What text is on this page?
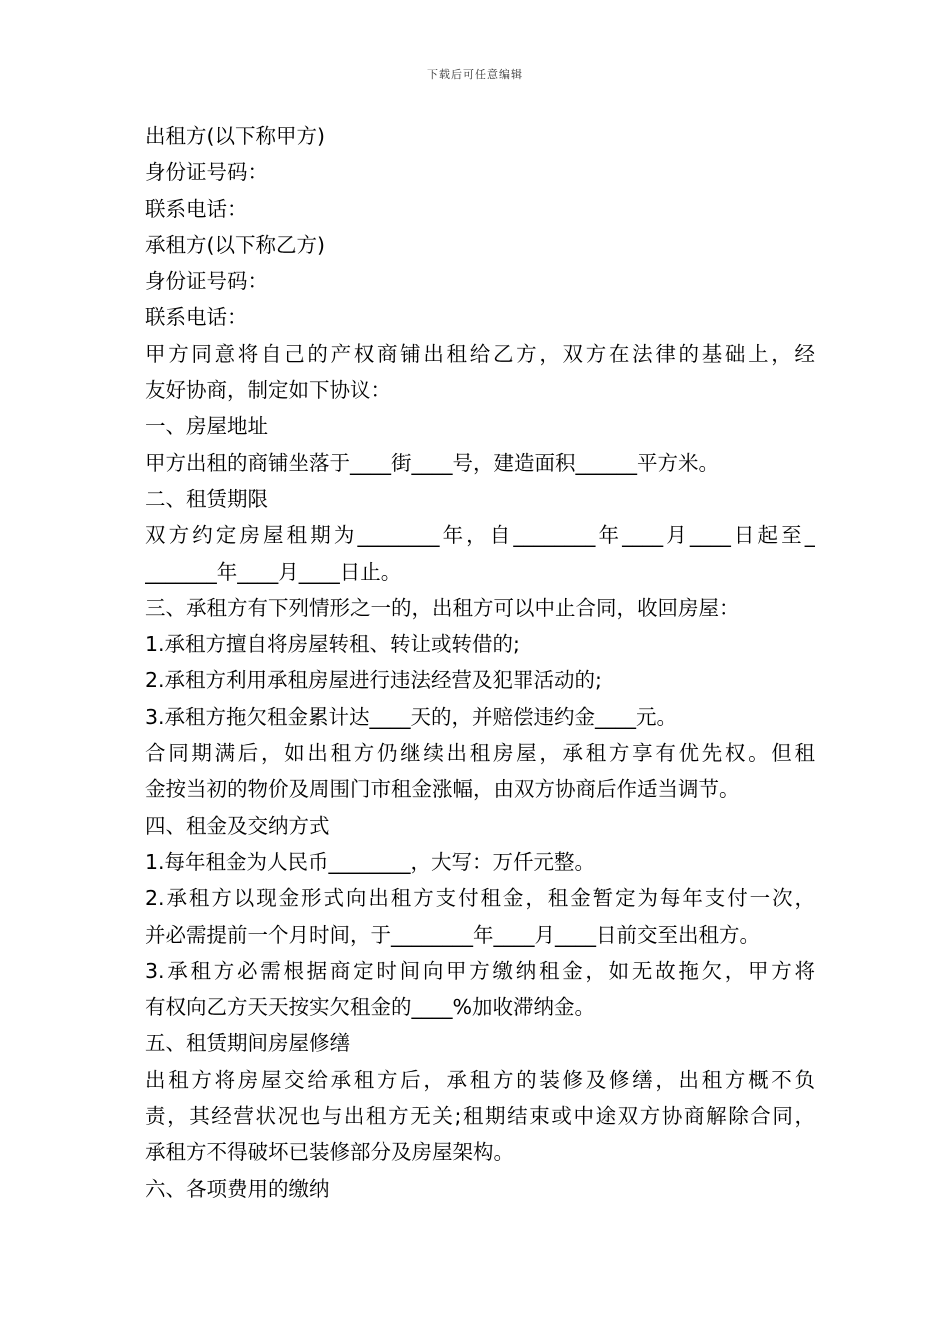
下载后可任意编辑
出租方(以下称甲方)
身份证号码：
联系电话：
承租方(以下称乙方)
身份证号码：
联系电话：
甲方同意将自己的产权商铺出租给乙方，双方在法律的基础上，经
友好协商，制定如下协议：
一、房屋地址
甲方出租的商铺坐落于____街____号，建造面积______平方米。
二、租赁期限
双方约定房屋租期为________年，自________年____月____日起至_
_______年____月____日止。
三、承租方有下列情形之一的，出租方可以中止合同，收回房屋：
1.承租方擅自将房屋转租、转让或转借的;
2.承租方利用承租房屋进行违法经营及犯罪活动的;
3.承租方拖欠租金累计达____天的，并赔偿违约金____元。
合同期满后，如出租方仍继续出租房屋，承租方享有优先权。但租
金按当初的物价及周围门市租金涨幅，由双方协商后作适当调节。
四、租金及交纳方式
1.每年租金为人民币________，大写：万仟元整。
2.承租方以现金形式向出租方支付租金，租金暂定为每年支付一次，
并必需提前一个月时间，于________年____月____日前交至出租方。
3.承租方必需根据商定时间向甲方缴纳租金，如无故拖欠，甲方将
有权向乙方天天按实欠租金的____%加收滞纳金。
五、租赁期间房屋修缮
出租方将房屋交给承租方后，承租方的装修及修缮，出租方概不负
责，其经营状况也与出租方无关;租期结束或中途双方协商解除合同，
承租方不得破坏已装修部分及房屋架构。
六、各项费用的缴纳
